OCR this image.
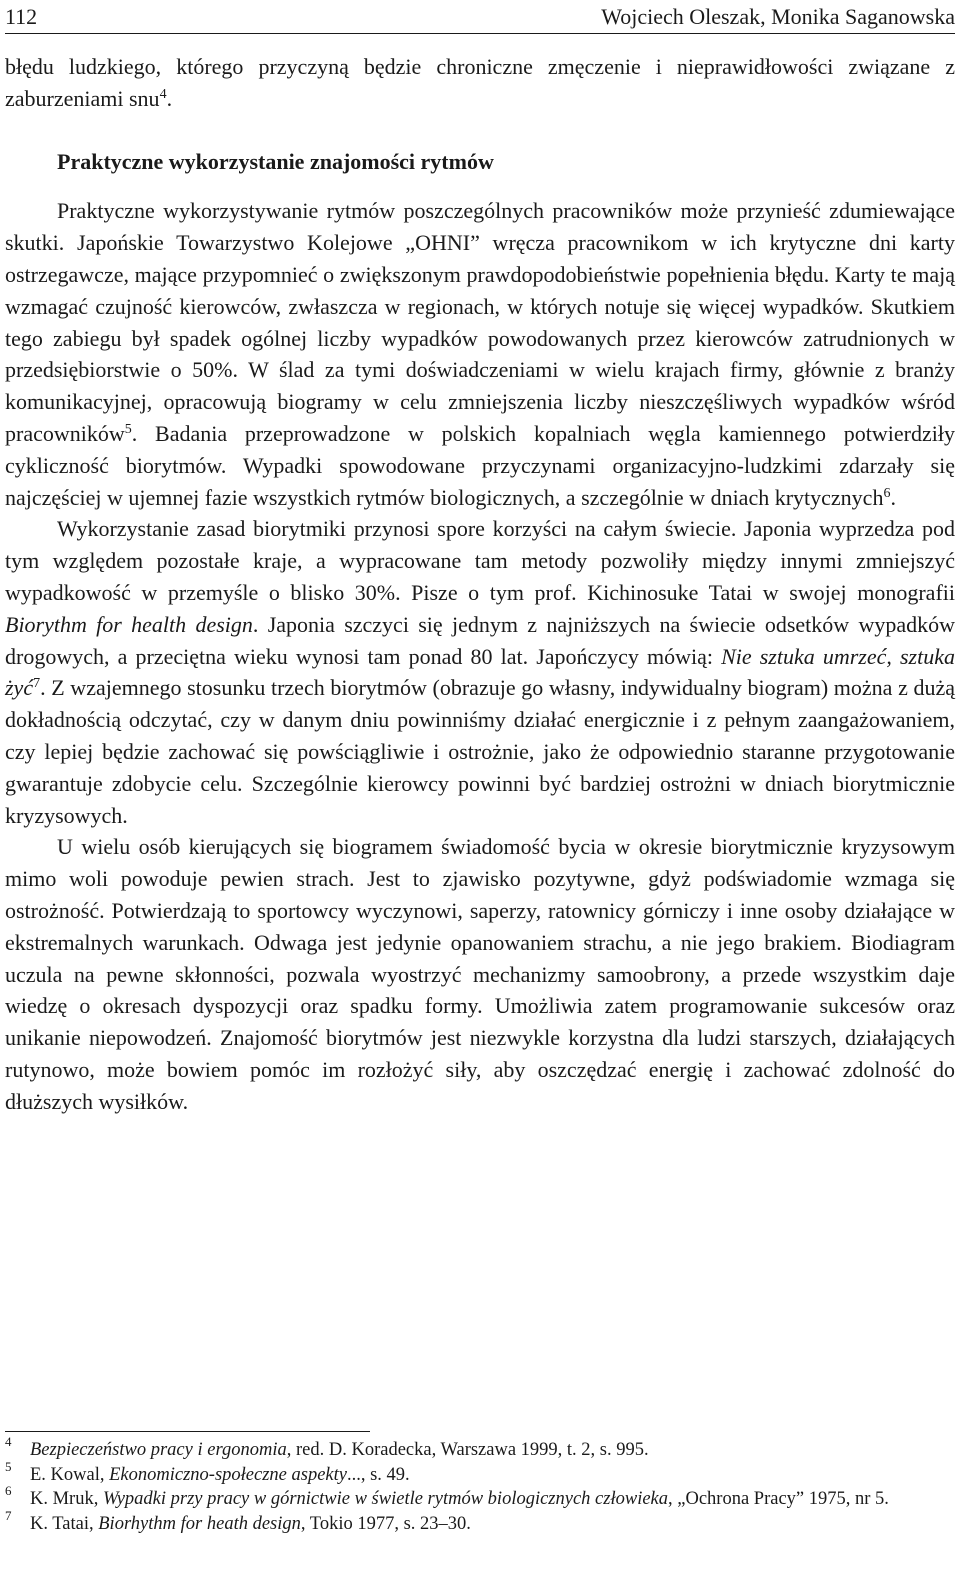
112	Wojciech Oleszak, Monika Saganowska

błędu ludzkiego, którego przyczyną będzie chroniczne zmęczenie i nieprawidłowości związane z zaburzeniami snu$^4$.

Praktyczne wykorzystanie znajomości rytmów

Praktyczne wykorzystywanie rytmów poszczególnych pracowników może przynieść zdumiewające skutki. Japońskie Towarzystwo Kolejowe „OHNI” wręcza pracownikom w ich krytyczne dni karty ostrzegawcze, mające przypomnieć o zwiększonym prawdopodobieństwie popełnienia błędu. Karty te mają wzmagać czujność kierowców, zwłaszcza w regionach, w których notuje się więcej wypadków. Skutkiem tego zabiegu był spadek ogólnej liczby wypadków powodowanych przez kierowców zatrudnionych w przedsiębiorstwie o 50%. W ślad za tymi doświadczeniami w wielu krajach firmy, głównie z branży komunikacyjnej, opracowują biogramy w celu zmniejszenia liczby nieszczęśliwych wypadków wśród pracowników$^5$. Badania przeprowadzone w polskich kopalniach węgla kamiennego potwierdziły cykliczność biorytmów. Wypadki spowodowane przyczynami organizacyjno-ludzkimi zdarzały się najczęściej w ujemnej fazie wszystkich rytmów biologicznych, a szczególnie w dniach krytycznych$^6$.

Wykorzystanie zasad biorytmiki przynosi spore korzyści na całym świecie. Japonia wyprzedza pod tym względem pozostałe kraje, a wypracowane tam metody pozwoliły między innymi zmniejszyć wypadkowość w przemyśle o blisko 30%. Pisze o tym prof. Kichinosuke Tatai w swojej monografii Biorythm for health design. Japonia szczyci się jednym z najniższych na świecie odsetków wypadków drogowych, a przeciętna wieku wynosi tam ponad 80 lat. Japończycy mówią: Nie sztuka umrzeć, sztuka żyć$^7$. Z wzajemnego stosunku trzech biorytmów (obrazuje go własny, indywidualny biogram) można z dużą dokładnością odczytać, czy w danym dniu powinniśmy działać energicznie i z pełnym zaangażowaniem, czy lepiej będzie zachować się powściągliwie i ostrożnie, jako że odpowiednio staranne przygotowanie gwarantuje zdobycie celu. Szczególnie kierowcy powinni być bardziej ostrożni w dniach biorytmicznie kryzysowych.

U wielu osób kierujących się biogramem świadomość bycia w okresie biorytmicznie kryzysowym mimo woli powoduje pewien strach. Jest to zjawisko pozytywne, gdyż podświadomie wzmaga się ostrożność. Potwierdzają to sportowcy wyczynowi, saperzy, ratownicy górniczy i inne osoby działające w ekstremalnych warunkach. Odwaga jest jedynie opanowaniem strachu, a nie jego brakiem. Biodiagram uczula na pewne skłonności, pozwala wyostrzyć mechanizmy samoobrony, a przede wszystkim daje wiedzę o okresach dyspozycji oraz spadku formy. Umożliwia zatem programowanie sukcesów oraz unikanie niepowodzeń. Znajomość biorytmów jest niezwykle korzystna dla ludzi starszych, działających rutynowo, może bowiem pomóc im rozłożyć siły, aby oszczędzać energię i zachować zdolność do dłuższych wysiłków.

4 Bezpieczeństwo pracy i ergonomia, red. D. Koradecka, Warszawa 1999, t. 2, s. 995.

5 E. Kowal, Ekonomiczno-społeczne aspekty..., s. 49.

6 K. Mruk, Wypadki przy pracy w górnictwie w świetle rytmów biologicznych człowieka, „Ochrona Pracy” 1975, nr 5.

7 K. Tatai, Biorhythm for heath design, Tokio 1977, s. 23–30.
